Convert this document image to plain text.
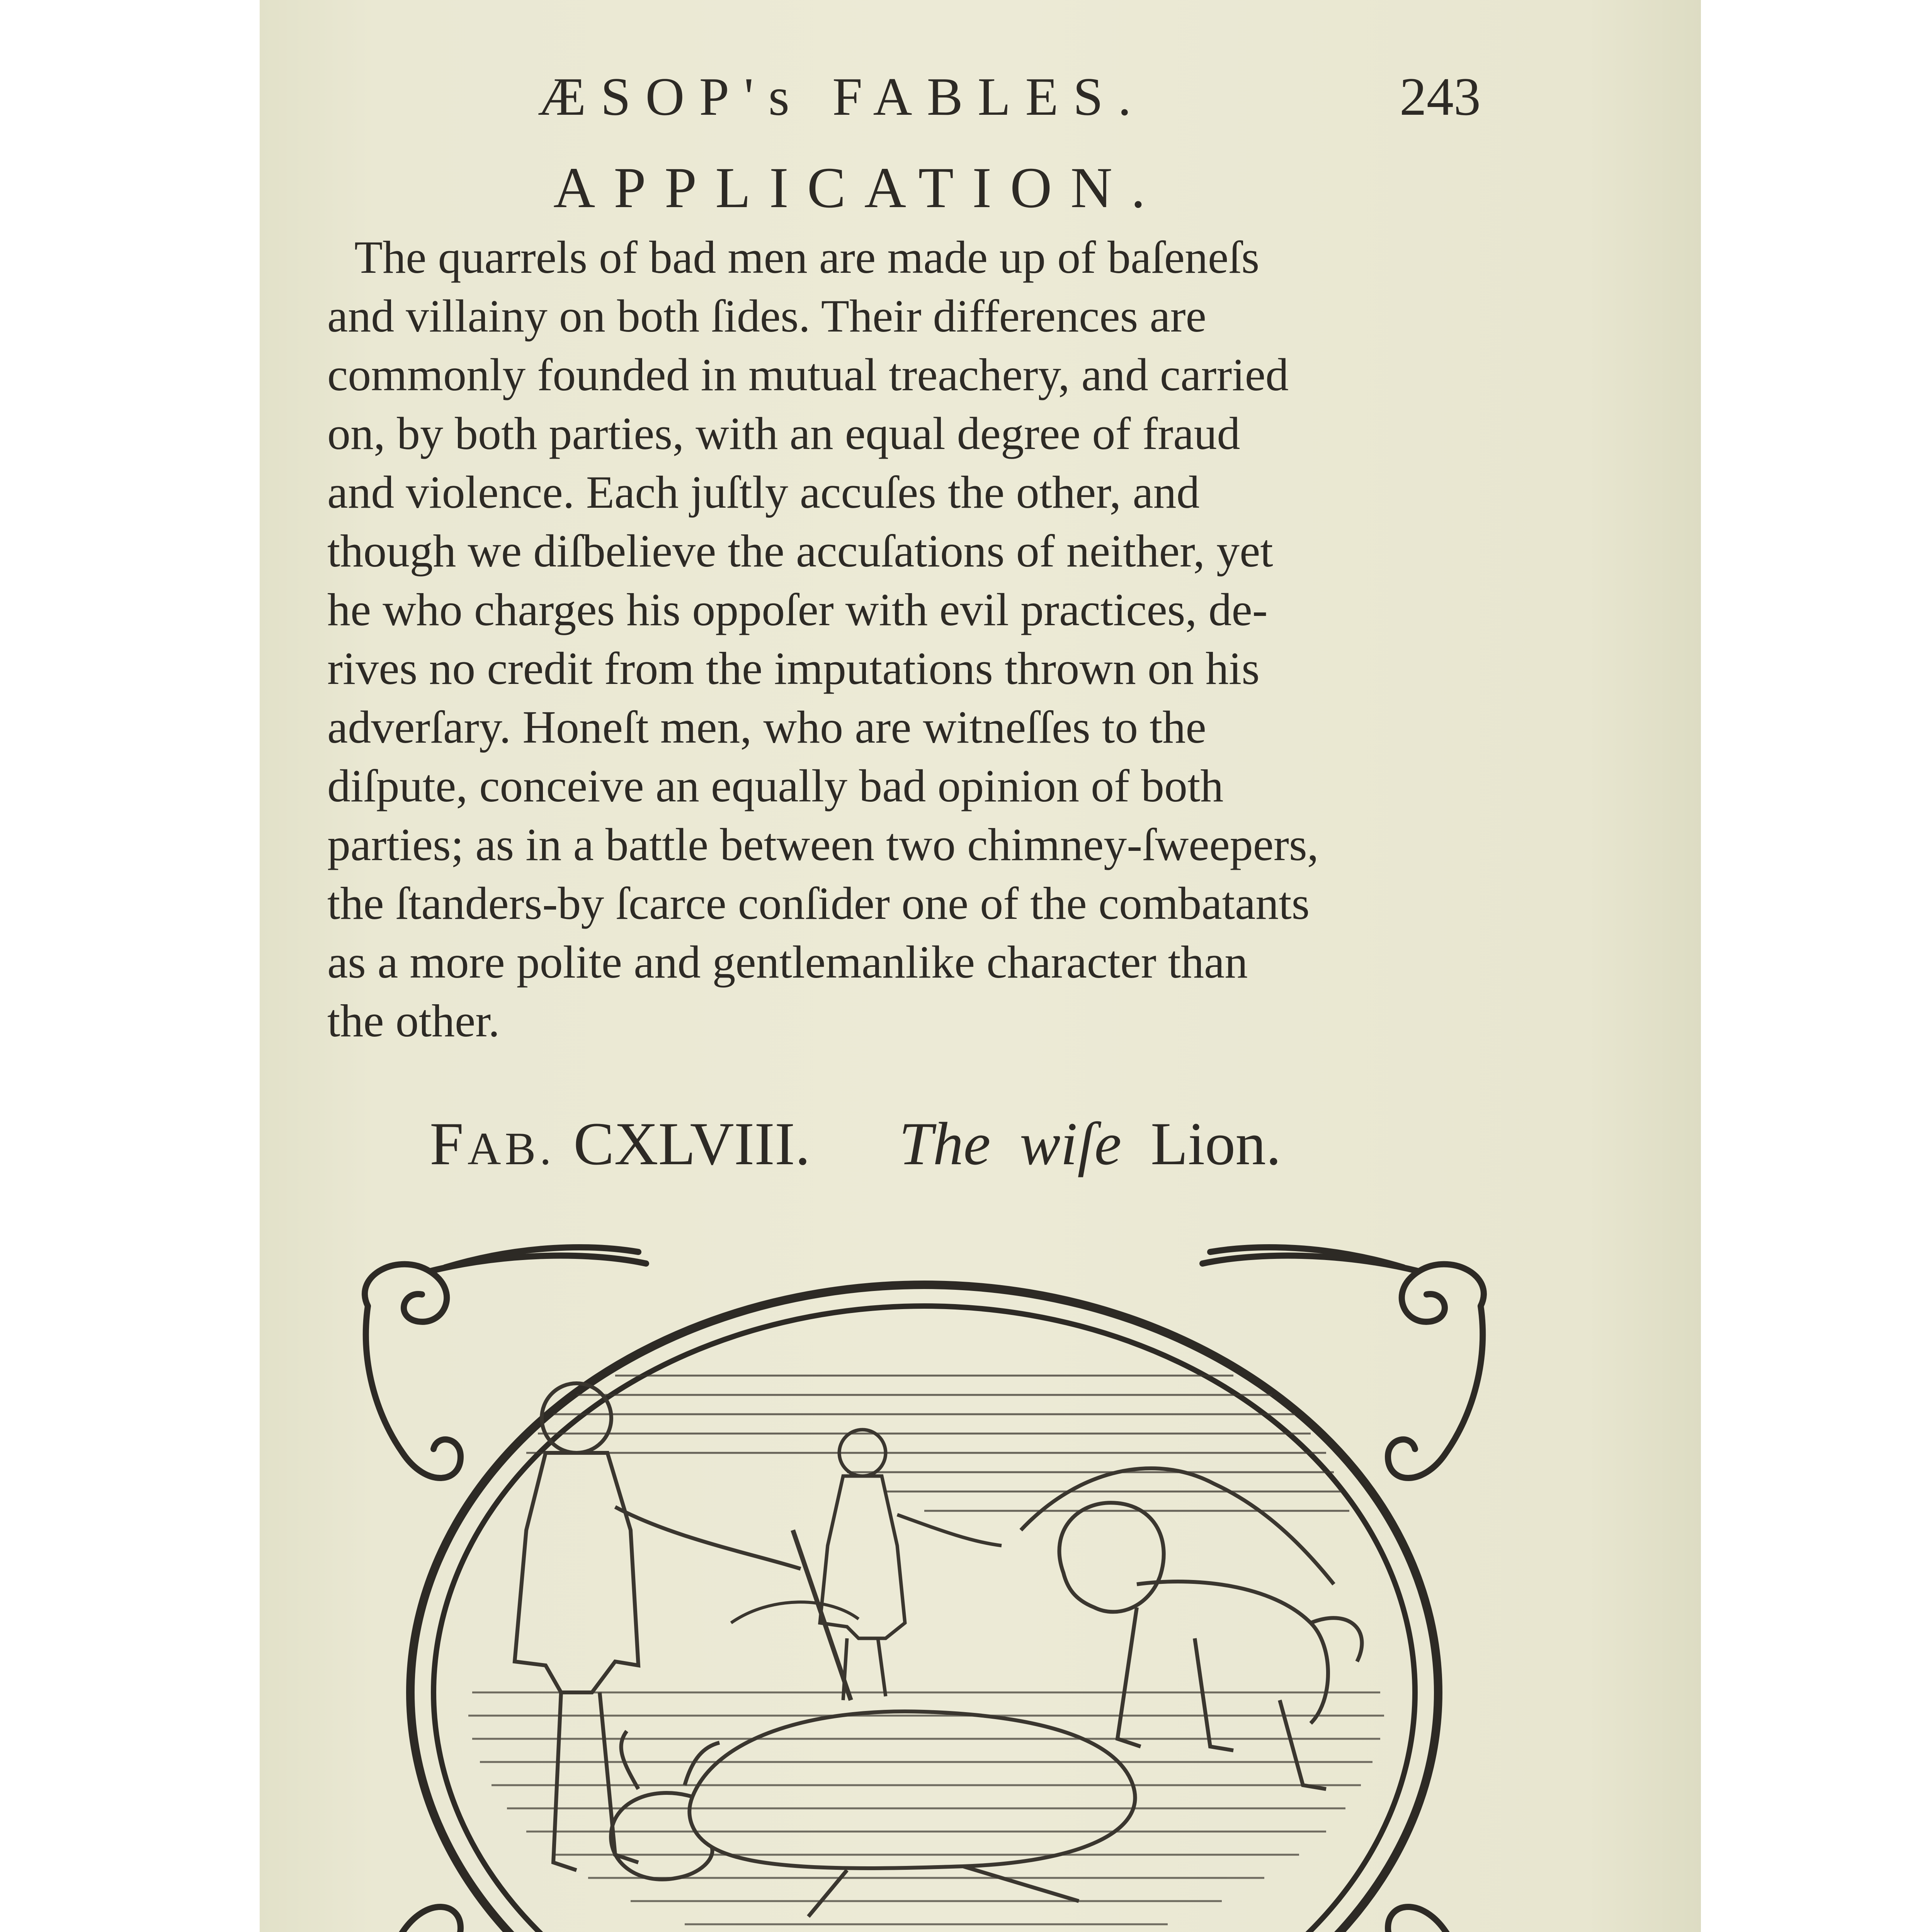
ÆSOP's FABLES.	243
APPLICATION.
The quarrels of bad men are made up of baſeneſs
and villainy on both ſides. Their differences are
commonly founded in mutual treachery, and carried
on, by both parties, with an equal degree of fraud
and violence. Each juſtly accuſes the other, and
though we diſbelieve the accuſations of neither, yet
he who charges his oppoſer with evil practices, de-
rives no credit from the imputations thrown on his
adverſary. Honeſt men, who are witneſſes to the
diſpute, conceive an equally bad opinion of both
parties; as in a battle between two chimney-ſweepers,
the ſtanders-by ſcarce conſider one of the combatants
as a more polite and gentlemanlike character than
the other.
FAB. CXLVIII. The wiſe Lion.
